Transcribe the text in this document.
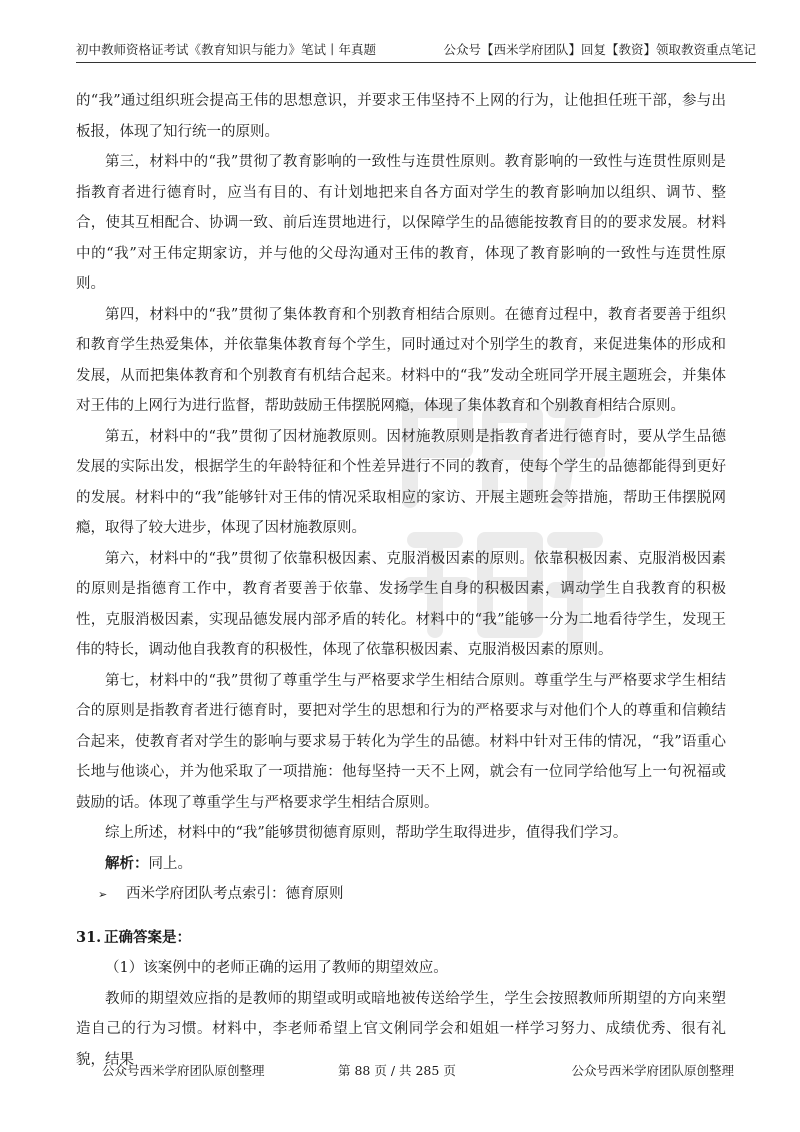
初中教师资格证考试《教育知识与能力》笔试丨年真题	公众号【西米学府团队】回复【教资】领取教资重点笔记

的“我”通过组织班会提高王伟的思想意识，并要求王伟坚持不上网的行为，让他担任班干部，参与出板报，体现了知行统一的原则。

第三，材料中的“我”贯彻了教育影响的一致性与连贯性原则。教育影响的一致性与连贯性原则是指教育者进行德育时，应当有目的、有计划地把来自各方面对学生的教育影响加以组织、调节、整合，使其互相配合、协调一致、前后连贯地进行，以保障学生的品德能按教育目的的要求发展。材料中的“我”对王伟定期家访，并与他的父母沟通对王伟的教育，体现了教育影响的一致性与连贯性原则。

第四，材料中的“我”贯彻了集体教育和个别教育相结合原则。在德育过程中，教育者要善于组织和教育学生热爱集体，并依靠集体教育每个学生，同时通过对个别学生的教育，来促进集体的形成和发展，从而把集体教育和个别教育有机结合起来。材料中的“我”发动全班同学开展主题班会，并集体对王伟的上网行为进行监督，帮助鼓励王伟摆脱网瘾，体现了集体教育和个别教育相结合原则。

第五，材料中的“我”贯彻了因材施教原则。因材施教原则是指教育者进行德育时，要从学生品德发展的实际出发，根据学生的年龄特征和个性差异进行不同的教育，使每个学生的品德都能得到更好的发展。材料中的“我”能够针对王伟的情况采取相应的家访、开展主题班会等措施，帮助王伟摆脱网瘾，取得了较大进步，体现了因材施教原则。

第六，材料中的“我”贯彻了依靠积极因素、克服消极因素的原则。依靠积极因素、克服消极因素的原则是指德育工作中，教育者要善于依靠、发扬学生自身的积极因素，调动学生自我教育的积极性，克服消极因素，实现品德发展内部矛盾的转化。材料中的“我”能够一分为二地看待学生，发现王伟的特长，调动他自我教育的积极性，体现了依靠积极因素、克服消极因素的原则。

第七，材料中的“我”贯彻了尊重学生与严格要求学生相结合原则。尊重学生与严格要求学生相结合的原则是指教育者进行德育时，要把对学生的思想和行为的严格要求与对他们个人的尊重和信赖结合起来，使教育者对学生的影响与要求易于转化为学生的品德。材料中针对王伟的情况，“我”语重心长地与他谈心，并为他采取了一项措施：他每坚持一天不上网，就会有一位同学给他写上一句祝福或鼓励的话。体现了尊重学生与严格要求学生相结合原则。

综上所述，材料中的“我”能够贯彻德育原则，帮助学生取得进步，值得我们学习。

解析：同上。

➢ 西米学府团队考点索引：德育原则

31. 正确答案是：

（1）该案例中的老师正确的运用了教师的期望效应。

教师的期望效应指的是教师的期望或明或暗地被传送给学生，学生会按照教师所期望的方向来塑造自己的行为习惯。材料中，李老师希望上官文俐同学会和姐姐一样学习努力、成绩优秀、很有礼貌，结果

公众号西米学府团队原创整理	第 88 页 / 共 285 页	公众号西米学府团队原创整理
